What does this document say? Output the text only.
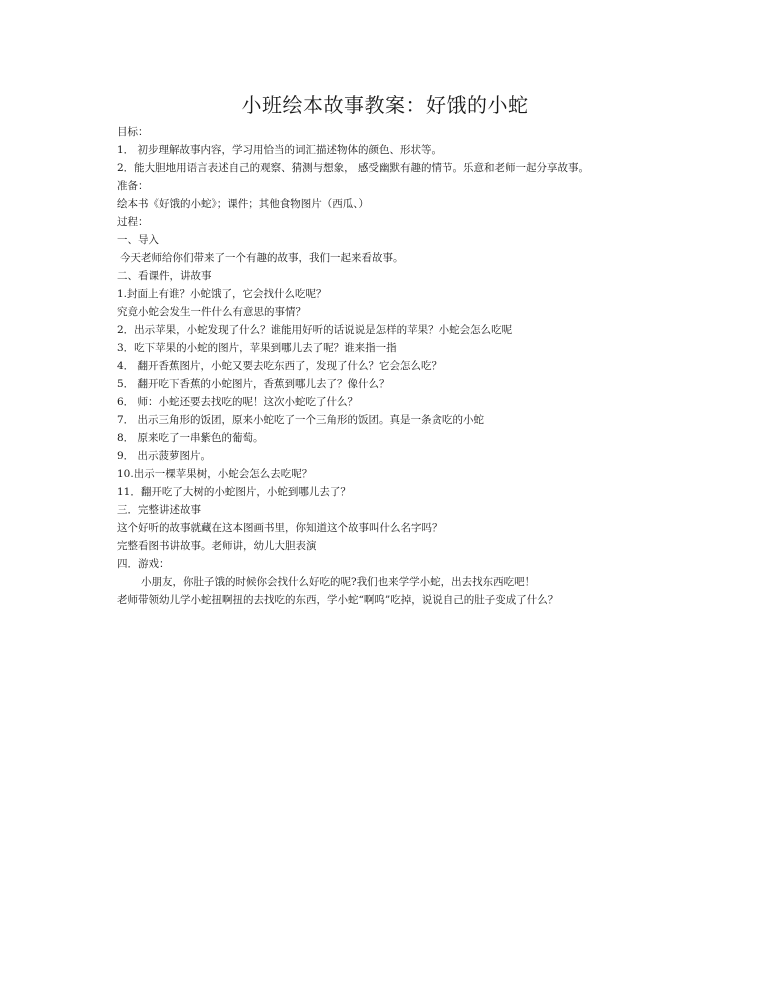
小班绘本故事教案：好饿的小蛇
目标：
1． 初步理解故事内容，学习用恰当的词汇描述物体的颜色、形状等。
2．能大胆地用语言表述自己的观察、猜测与想象， 感受幽默有趣的情节。乐意和老师一起分享故事。
准备：
绘本书《好饿的小蛇》；课件；其他食物图片（西瓜、）
过程：
一、导入
今天老师给你们带来了一个有趣的故事，我们一起来看故事。
二、看课件，讲故事
1.封面上有谁？小蛇饿了，它会找什么吃呢？
究竟小蛇会发生一件什么有意思的事情？
2．出示苹果，小蛇发现了什么？谁能用好听的话说说是怎样的苹果？小蛇会怎么吃呢
3．吃下苹果的小蛇的图片，苹果到哪儿去了呢？谁来指一指
4． 翻开香蕉图片，小蛇又要去吃东西了，发现了什么？它会怎么吃？
5． 翻开吃下香蕉的小蛇图片，香蕉到哪儿去了？像什么？
6． 师：小蛇还要去找吃的呢！这次小蛇吃了什么？
7． 出示三角形的饭团，原来小蛇吃了一个三角形的饭团。真是一条贪吃的小蛇
8． 原来吃了一串紫色的葡萄。
9． 出示菠萝图片。
10.出示一棵苹果树，小蛇会怎么去吃呢？
11．翻开吃了大树的小蛇图片，小蛇到哪儿去了？
三．完整讲述故事
这个好听的故事就藏在这本图画书里，你知道这个故事叫什么名字吗？
完整看图书讲故事。老师讲，幼儿大胆表演
四．游戏：
小朋友，你肚子饿的时候你会找什么好吃的呢?我们也来学学小蛇，出去找东西吃吧！
老师带领幼儿学小蛇扭啊扭的去找吃的东西，学小蛇“啊呜”吃掉，说说自己的肚子变成了什么？
